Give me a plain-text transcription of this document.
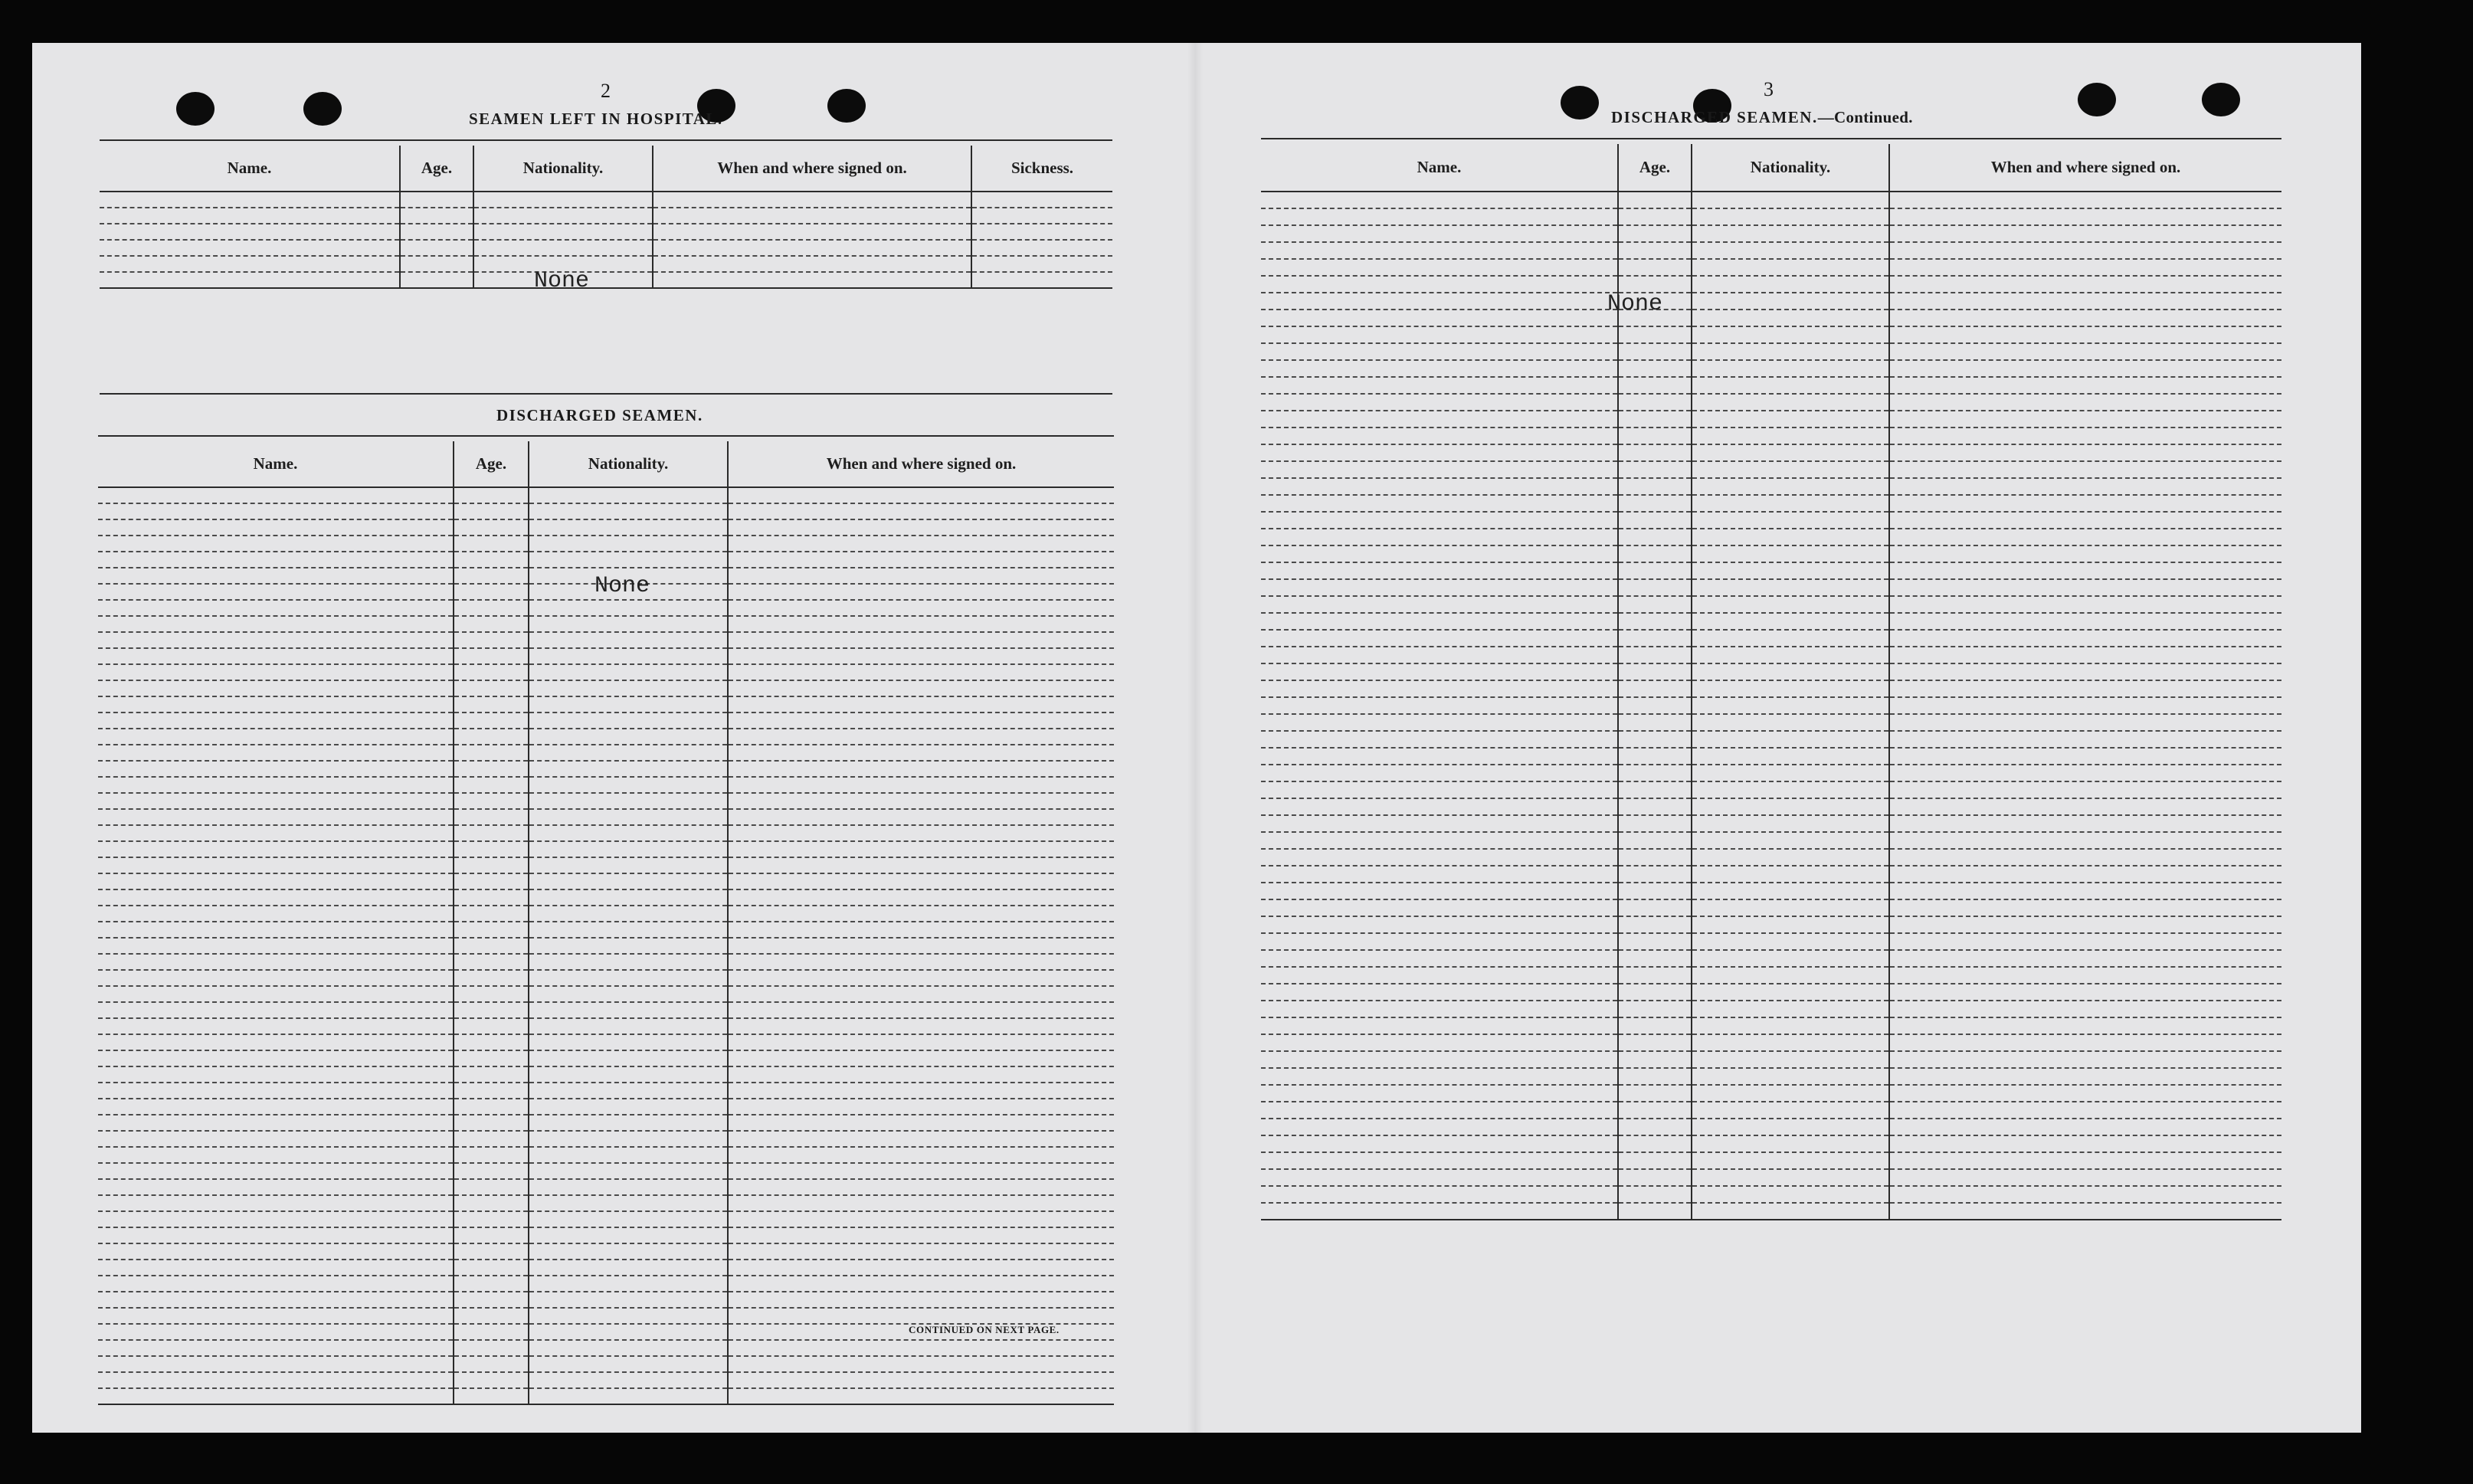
2
SEAMEN LEFT IN HOSPITAL.
Name.	Age.	Nationality.	When and where signed on.	Sickness.

None
DISCHARGED SEAMEN.
Name.	Age.	Nationality.	When and where signed on.

None
CONTINUED ON NEXT PAGE.
3
DISCHARGED SEAMEN.—Continued.
Name.	Age.	Nationality.	When and where signed on.

None
